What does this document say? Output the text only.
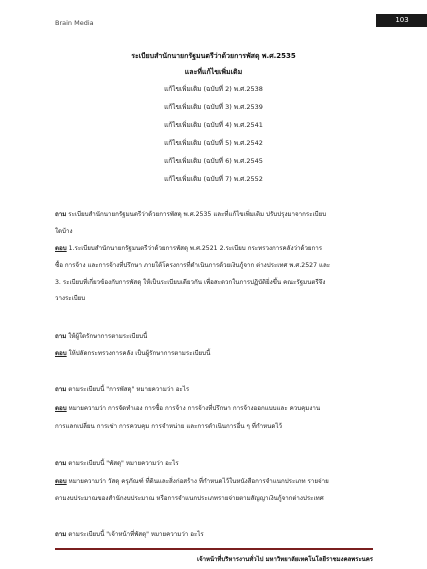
Brain Media	103
ระเบียบสำนักนายกรัฐมนตรีว่าด้วยการพัสดุ พ.ศ.2535
และที่แก้ไขเพิ่มเติม
แก้ไขเพิ่มเติม (ฉบับที่ 2) พ.ศ.2538
แก้ไขเพิ่มเติม (ฉบับที่ 3) พ.ศ.2539
แก้ไขเพิ่มเติม (ฉบับที่ 4) พ.ศ.2541
แก้ไขเพิ่มเติม (ฉบับที่ 5) พ.ศ.2542
แก้ไขเพิ่มเติม (ฉบับที่ 6) พ.ศ.2545
แก้ไขเพิ่มเติม (ฉบับที่ 7) พ.ศ.2552
ถาม ระเบียบสำนักนายกรัฐมนตรีว่าด้วยการพัสดุ พ.ศ.2535 และที่แก้ไขเพิ่มเติม ปรับปรุงมาจากระเบียบ
ใดบ้าง
ตอบ 1.ระเบียบสำนักนายกรัฐมนตรีว่าด้วยการพัสดุ พ.ศ.2521 2.ระเบียบ กระทรวงการคลังว่าด้วยการ
ซื้อ การจ้าง และการจ้างที่ปรึกษา ภายใต้โครงการที่ดำเนินการด้วยเงินกู้จาก ต่างประเทศ พ.ศ.2527 และ
3. ระเบียบที่เกี่ยวข้องกับการพัสดุ ให้เป็นระเบียบเดียวกัน เพื่อสะดวกในการปฏิบัติยิ่งขึ้น คณะรัฐมนตรีจึง
วางระเบียบ
ถาม ให้ผู้ใดรักษาการตามระเบียบนี้
ตอบ ให้ปลัดกระทรวงการคลัง เป็นผู้รักษาการตามระเบียบนี้
ถาม ตามระเบียบนี้ "การพัสดุ" หมายความว่า อะไร
ตอบ หมายความว่า การจัดทำเอง การซื้อ การจ้าง การจ้างที่ปรึกษา การจ้างออกแบบและ ควบคุมงาน
การแลกเปลี่ยน การเช่า การควบคุม การจำหน่าย และการดำเนินการอื่น ๆ ที่กำหนดไว้
ถาม ตามระเบียบนี้ "พัสดุ" หมายความว่า อะไร
ตอบ หมายความว่า วัสดุ ครุภัณฑ์ ที่ดินและสิ่งก่อสร้าง ที่กำหนดไว้ในหนังสือการจำแนกประเภท รายจ่าย
ตามงบประมาณของสำนักงบประมาณ หรือการจำแนกประเภทรายจ่ายตามสัญญาเงินกู้จากต่างประเทศ
ถาม ตามระเบียบนี้ "เจ้าหน้าที่พัสดุ" หมายความว่า อะไร
เจ้าหน้าที่บริหารงานทั่วไป มหาวิทยาลัยเทคโนโลยีราชมงคลพระนคร
